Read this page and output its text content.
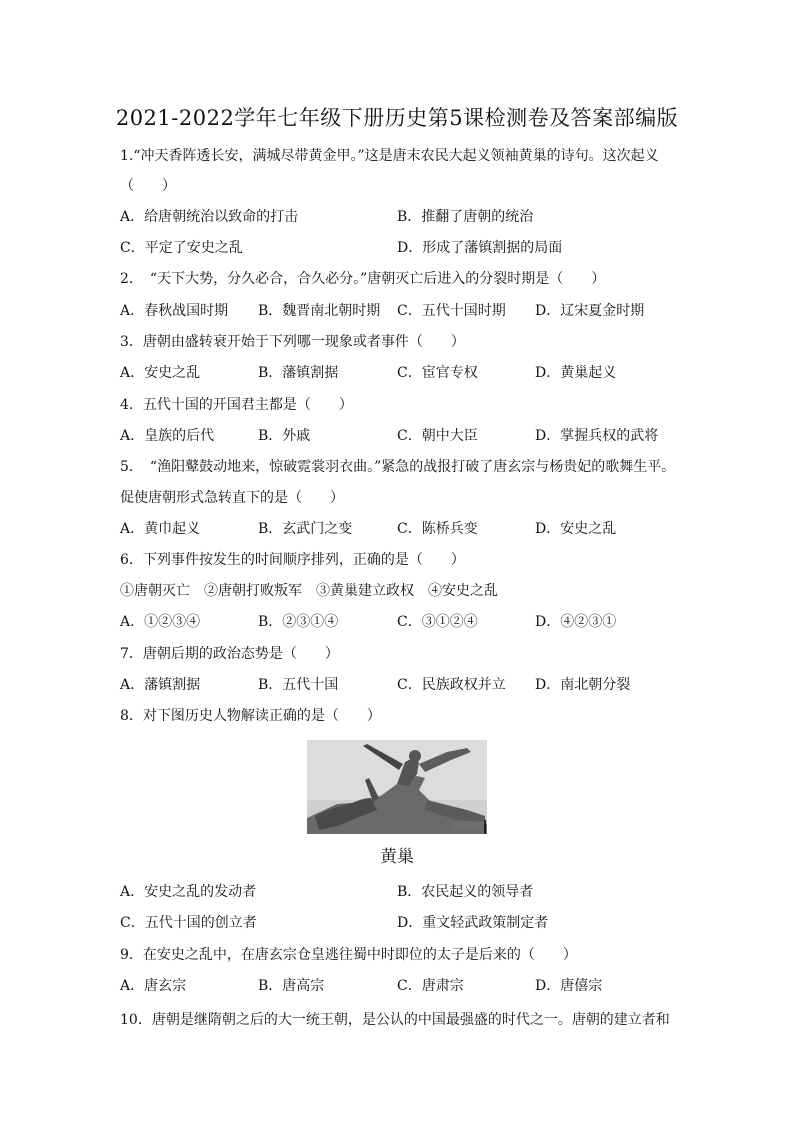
2021-2022学年七年级下册历史第5课检测卷及答案部编版
1.“冲天香阵透长安，满城尽带黄金甲。”这是唐末农民大起义领袖黄巢的诗句。这次起义
（　　）
A．给唐朝统治以致命的打击	B．推翻了唐朝的统治
C．平定了安史之乱	D．形成了藩镇割据的局面
2．　“天下大势，分久必合，合久必分。”唐朝灭亡后进入的分裂时期是（　　）
A．春秋战国时期 B．魏晋南北朝时期 C．五代十国时期 D．辽宋夏金时期
3．唐朝由盛转衰开始于下列哪一现象或者事件（　　）
A．安史之乱	B．藩镇割据	C．宦官专权	D．黄巢起义
4．五代十国的开国君主都是（　　）
A．皇族的后代	B．外戚	C．朝中大臣	D．掌握兵权的武将
5．　“渔阳鼙鼓动地来，惊破霓裳羽衣曲。”紧急的战报打破了唐玄宗与杨贵妃的歌舞生平。
促使唐朝形式急转直下的是（　　）
A．黄巾起义	B．玄武门之变	C．陈桥兵变	D．安史之乱
6．下列事件按发生的时间顺序排列，正确的是（　　）
①唐朝灭亡　②唐朝打败叛军　③黄巢建立政权　④安史之乱
A．①②③④	B．②③①④	C．③①②④	D．④②③①
7．唐朝后期的政治态势是（　　）
A．藩镇割据	B．五代十国	C．民族政权并立 D．南北朝分裂
8．对下图历史人物解读正确的是（　　）
黄巢
A．安史之乱的发动者	B．农民起义的领导者
C．五代十国的创立者	D．重文轻武政策制定者
9．在安史之乱中，在唐玄宗仓皇逃往蜀中时即位的太子是后来的（　　）
A．唐玄宗	B．唐高宗	C．唐肃宗	D．唐僖宗
10．唐朝是继隋朝之后的大一统王朝，是公认的中国最强盛的时代之一。唐朝的建立者和
